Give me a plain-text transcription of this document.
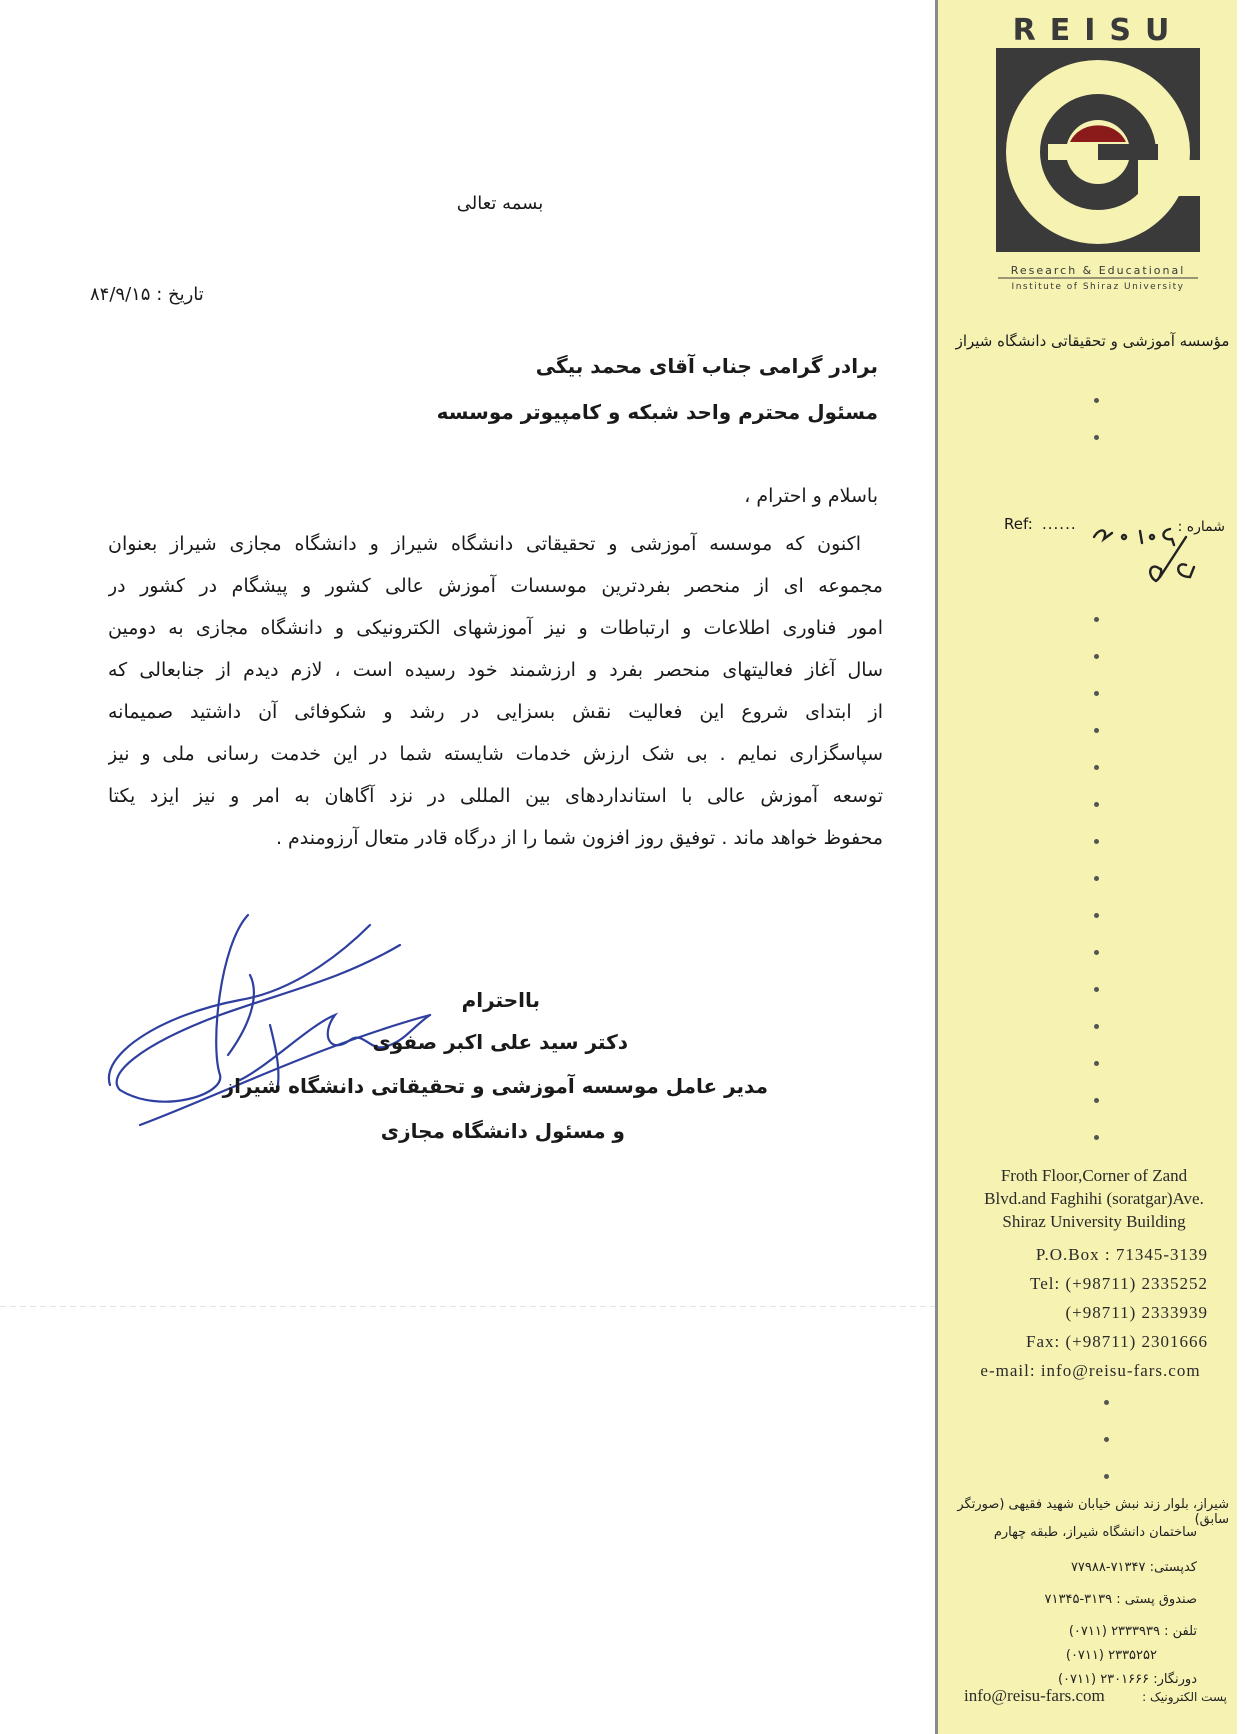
بسمه تعالی
تاریخ : ۸۴/۹/۱۵
برادر گرامی جناب آقای محمد بیگی
مسئول محترم واحد شبکه و کامپیوتر موسسه
باسلام و احترام ،
اکنون که موسسه آموزشی و تحقیقاتی دانشگاه شیراز و دانشگاه مجازی شیراز بعنوان
مجموعه ای از منحصر بفردترین موسسات آموزش عالی کشور و پیشگام در کشور در
امور فناوری اطلاعات و ارتباطات و نیز آموزشهای الکترونیکی و دانشگاه مجازی به دومین
سال آغاز فعالیتهای منحصر بفرد و ارزشمند خود رسیده است ، لازم دیدم از جنابعالی که
از ابتدای شروع این فعالیت نقش بسزایی در رشد و شکوفائی آن داشتید صمیمانه
سپاسگزاری نمایم . بی شک ارزش خدمات شایسته شما در این خدمت رسانی ملی و نیز
توسعه آموزش عالی با استانداردهای بین المللی در نزد آگاهان به امر و نیز ایزد یکتا
محفوظ خواهد ماند . توفیق روز افزون شما را از درگاه قادر متعال آرزومندم .
بااحترام
دکتر سید علی اکبر صفوی
مدیر عامل موسسه آموزشی و تحقیقاتی دانشگاه شیراز
و مسئول دانشگاه مجازی
REISU
Research & Educational
Institute of Shiraz University
مؤسسه آموزشی و تحقیقاتی دانشگاه شیراز
Ref: ......	شماره :
Froth Floor,Corner of Zand
Blvd.and Faghihi (soratgar)Ave.
Shiraz University Building
P.O.Box : 71345-3139
Tel: (+98711) 2335252
(+98711) 2333939
Fax: (+98711) 2301666
e-mail: info@reisu-fars.com
شیراز، بلوار زند نبش خیابان شهید فقیهی (صورتگر سابق)
ساختمان دانشگاه شیراز، طبقه چهارم
کدپستی: ۷۱۳۴۷-۷۷۹۸۸
صندوق پستی : ۳۱۳۹-۷۱۳۴۵
تلفن : ۲۳۳۳۹۳۹ (۰۷۱۱)
۲۳۳۵۲۵۲ (۰۷۱۱)
دورنگار: ۲۳۰۱۶۶۶ (۰۷۱۱)
info@reisu-fars.com	پست الکترونیک :
